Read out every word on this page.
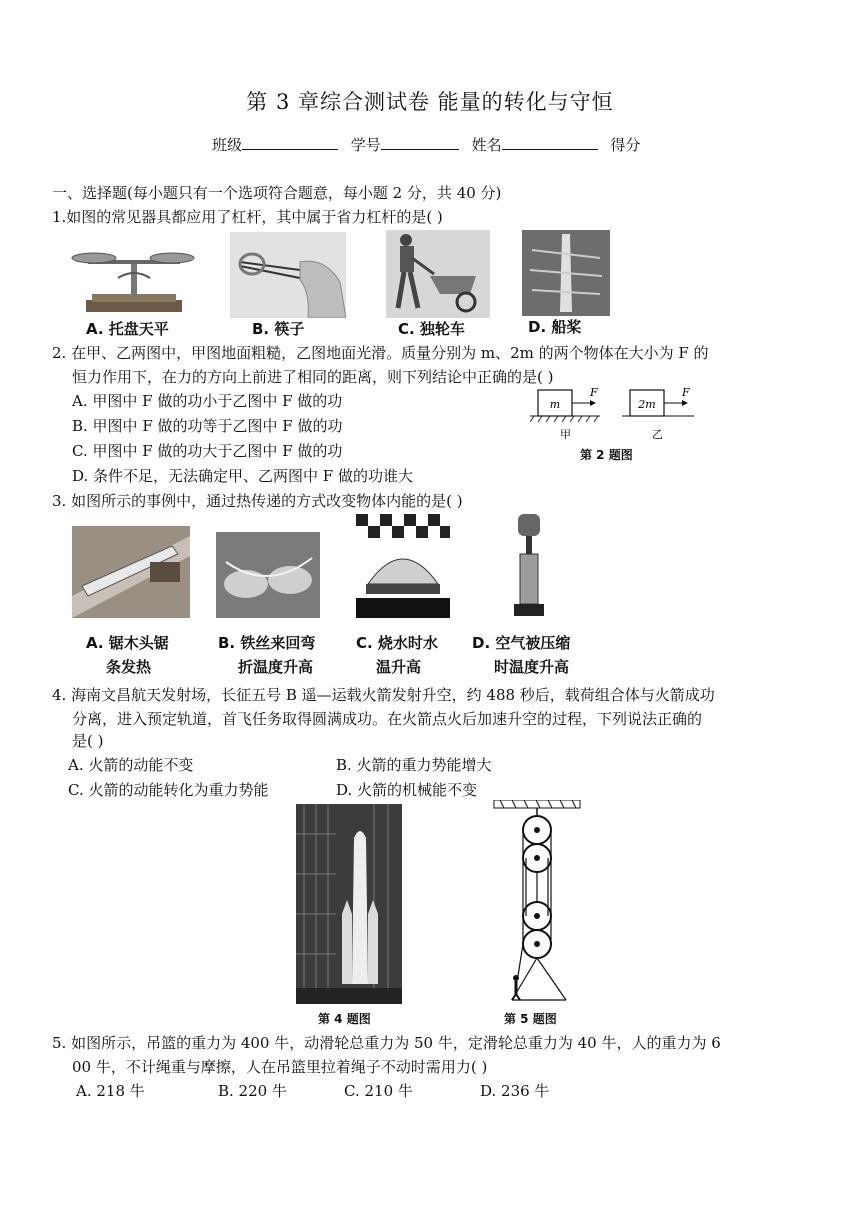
第 3 章综合测试卷 能量的转化与守恒
班级	学号	姓名	得分
一、选择题(每小题只有一个选项符合题意，每小题 2 分，共 40 分)
1.如图的常见器具都应用了杠杆，其中属于省力杠杆的是( )
A. 托盘天平	B. 筷子	C. 独轮车	D. 船桨
2. 在甲、乙两图中，甲图地面粗糙，乙图地面光滑。质量分别为 m、2m 的两个物体在大小为 F 的
恒力作用下，在力的方向上前进了相同的距离，则下列结论中正确的是( )
A. 甲图中 F 做的功小于乙图中 F 做的功
B. 甲图中 F 做的功等于乙图中 F 做的功
C. 甲图中 F 做的功大于乙图中 F 做的功
D. 条件不足，无法确定甲、乙两图中 F 做的功谁大
m
F
2m
F
甲	乙
第 2 题图
3. 如图所示的事例中，通过热传递的方式改变物体内能的是( )
A. 锯木头锯
条发热
B. 铁丝来回弯
折温度升高
C. 烧水时水
温升高
D. 空气被压缩
时温度升高
4. 海南文昌航天发射场，长征五号 B 遥—运载火箭发射升空，约 488 秒后，载荷组合体与火箭成功
分离，进入预定轨道，首飞任务取得圆满成功。在火箭点火后加速升空的过程，下列说法正确的
是( )
A. 火箭的动能不变	B. 火箭的重力势能增大
C. 火箭的动能转化为重力势能	D. 火箭的机械能不变
第 4 题图	第 5 题图
5. 如图所示，吊篮的重力为 400 牛，动滑轮总重力为 50 牛，定滑轮总重力为 40 牛，人的重力为 6
00 牛，不计绳重与摩擦，人在吊篮里拉着绳子不动时需用力( )
A. 218 牛	B. 220 牛	C. 210 牛	D. 236 牛
